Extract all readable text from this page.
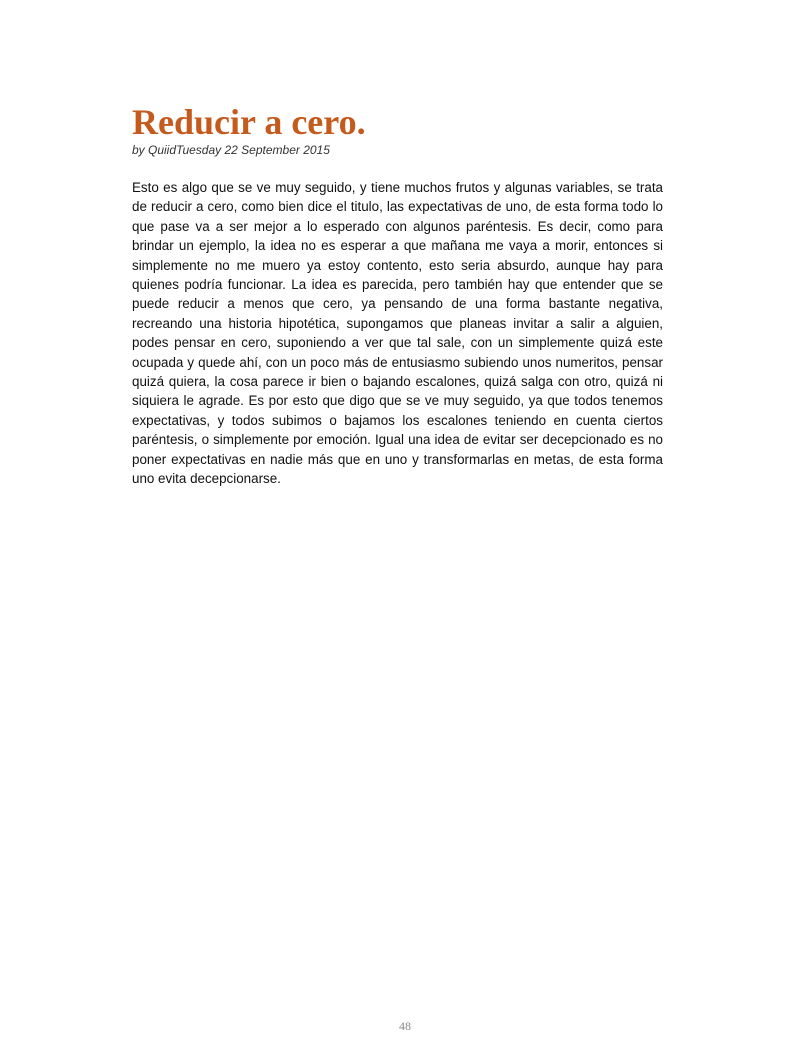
Reducir a cero.

by QuiidTuesday 22 September 2015

Esto es algo que se ve muy seguido, y tiene muchos frutos y algunas variables, se trata de reducir a cero, como bien dice el titulo, las expectativas de uno, de esta forma todo lo que pase va a ser mejor a lo esperado con algunos paréntesis. Es decir, como para brindar un ejemplo, la idea no es esperar a que mañana me vaya a morir, entonces si simplemente no me muero ya estoy contento, esto seria absurdo, aunque hay para quienes podría funcionar. La idea es parecida, pero también hay que entender que se puede reducir a menos que cero, ya pensando de una forma bastante negativa, recreando una historia hipotética, supongamos que planeas invitar a salir a alguien, podes pensar en cero, suponiendo a ver que tal sale, con un simplemente quizá este ocupada y quede ahí, con un poco más de entusiasmo subiendo unos numeritos, pensar quizá quiera, la cosa parece ir bien o bajando escalones, quizá salga con otro, quizá ni siquiera le agrade. Es por esto que digo que se ve muy seguido, ya que todos tenemos expectativas, y todos subimos o bajamos los escalones teniendo en cuenta ciertos paréntesis, o simplemente por emoción. Igual una idea de evitar ser decepcionado es no poner expectativas en nadie más que en uno y transformarlas en metas, de esta forma uno evita decepcionarse.

48
